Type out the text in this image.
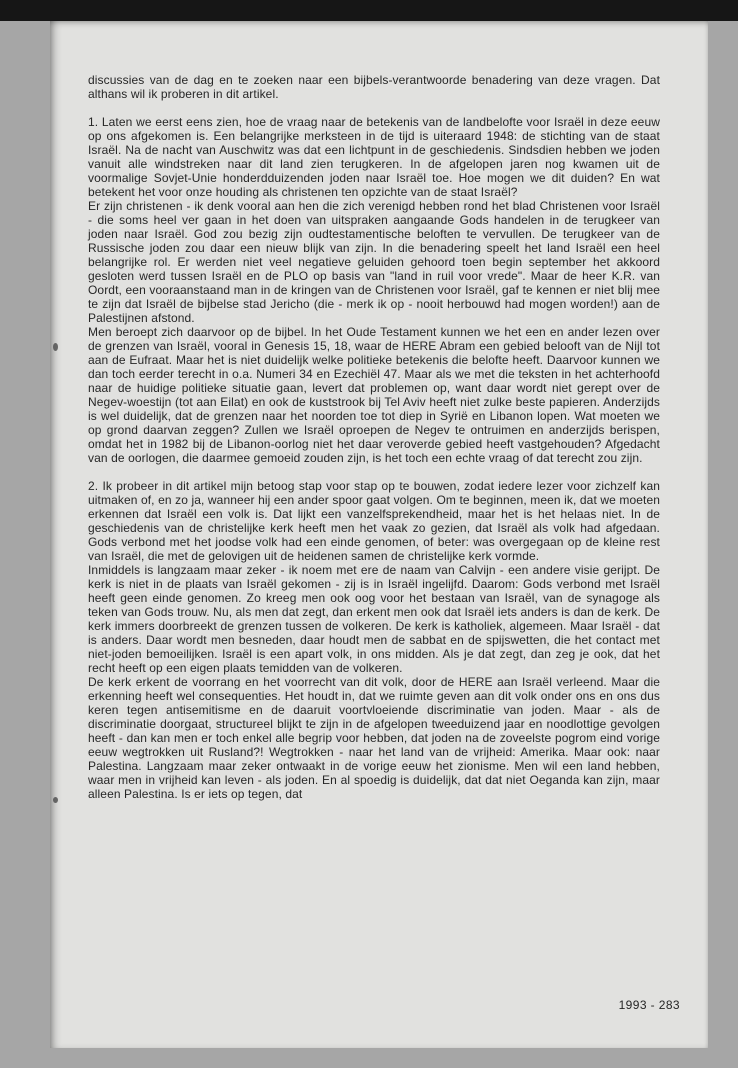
discussies van de dag en te zoeken naar een bijbels-verantwoorde benadering van deze vragen. Dat althans wil ik proberen in dit artikel.

1. Laten we eerst eens zien, hoe de vraag naar de betekenis van de landbelofte voor Israël in deze eeuw op ons afgekomen is. Een belangrijke merksteen in de tijd is uiteraard 1948: de stichting van de staat Israël. Na de nacht van Auschwitz was dat een lichtpunt in de geschiedenis. Sindsdien hebben we joden vanuit alle windstreken naar dit land zien terugkeren. In de afgelopen jaren nog kwamen uit de voormalige Sovjet-Unie honderdduizenden joden naar Israël toe. Hoe mogen we dit duiden? En wat betekent het voor onze houding als christenen ten opzichte van de staat Israël?

Er zijn christenen - ik denk vooral aan hen die zich verenigd hebben rond het blad Christenen voor Israël - die soms heel ver gaan in het doen van uitspraken aangaande Gods handelen in de terugkeer van joden naar Israël. God zou bezig zijn oudtestamentische beloften te vervullen. De terugkeer van de Russische joden zou daar een nieuw blijk van zijn. In die benadering speelt het land Israël een heel belangrijke rol. Er werden niet veel negatieve geluiden gehoord toen begin september het akkoord gesloten werd tussen Israël en de PLO op basis van "land in ruil voor vrede". Maar de heer K.R. van Oordt, een vooraanstaand man in de kringen van de Christenen voor Israël, gaf te kennen er niet blij mee te zijn dat Israël de bijbelse stad Jericho (die - merk ik op - nooit herbouwd had mogen worden!) aan de Palestijnen afstond.

Men beroept zich daarvoor op de bijbel. In het Oude Testament kunnen we het een en ander lezen over de grenzen van Israël, vooral in Genesis 15, 18, waar de HERE Abram een gebied belooft van de Nijl tot aan de Eufraat. Maar het is niet duidelijk welke politieke betekenis die belofte heeft. Daarvoor kunnen we dan toch eerder terecht in o.a. Numeri 34 en Ezechiël 47. Maar als we met die teksten in het achterhoofd naar de huidige politieke situatie gaan, levert dat problemen op, want daar wordt niet gerept over de Negev-woestijn (tot aan Eilat) en ook de kuststrook bij Tel Aviv heeft niet zulke beste papieren. Anderzijds is wel duidelijk, dat de grenzen naar het noorden toe tot diep in Syrië en Libanon lopen. Wat moeten we op grond daarvan zeggen? Zullen we Israël oproepen de Negev te ontruimen en anderzijds berispen, omdat het in 1982 bij de Libanon-oorlog niet het daar veroverde gebied heeft vastgehouden? Afgedacht van de oorlogen, die daarmee gemoeid zouden zijn, is het toch een echte vraag of dat terecht zou zijn.

2. Ik probeer in dit artikel mijn betoog stap voor stap op te bouwen, zodat iedere lezer voor zichzelf kan uitmaken of, en zo ja, wanneer hij een ander spoor gaat volgen. Om te beginnen, meen ik, dat we moeten erkennen dat Israël een volk is. Dat lijkt een vanzelfsprekendheid, maar het is het helaas niet. In de geschiedenis van de christelijke kerk heeft men het vaak zo gezien, dat Israël als volk had afgedaan. Gods verbond met het joodse volk had een einde genomen, of beter: was overgegaan op de kleine rest van Israël, die met de gelovigen uit de heidenen samen de christelijke kerk vormde.

Inmiddels is langzaam maar zeker - ik noem met ere de naam van Calvijn - een andere visie gerijpt. De kerk is niet in de plaats van Israël gekomen - zij is in Israël ingelijfd. Daarom: Gods verbond met Israël heeft geen einde genomen. Zo kreeg men ook oog voor het bestaan van Israël, van de synagoge als teken van Gods trouw. Nu, als men dat zegt, dan erkent men ook dat Israël iets anders is dan de kerk. De kerk immers doorbreekt de grenzen tussen de volkeren. De kerk is katholiek, algemeen. Maar Israël - dat is anders. Daar wordt men besneden, daar houdt men de sabbat en de spijswetten, die het contact met niet-joden bemoeilijken. Israël is een apart volk, in ons midden. Als je dat zegt, dan zeg je ook, dat het recht heeft op een eigen plaats temidden van de volkeren.

De kerk erkent de voorrang en het voorrecht van dit volk, door de HERE aan Israël verleend. Maar die erkenning heeft wel consequenties. Het houdt in, dat we ruimte geven aan dit volk onder ons en ons dus keren tegen antisemitisme en de daaruit voortvloeiende discriminatie van joden. Maar - als de discriminatie doorgaat, structureel blijkt te zijn in de afgelopen tweeduizend jaar en noodlottige gevolgen heeft - dan kan men er toch enkel alle begrip voor hebben, dat joden na de zoveelste pogrom eind vorige eeuw wegtrokken uit Rusland?! Wegtrokken - naar het land van de vrijheid: Amerika. Maar ook: naar Palestina. Langzaam maar zeker ontwaakt in de vorige eeuw het zionisme. Men wil een land hebben, waar men in vrijheid kan leven - als joden. En al spoedig is duidelijk, dat dat niet Oeganda kan zijn, maar alleen Palestina. Is er iets op tegen, dat

1993 - 283
